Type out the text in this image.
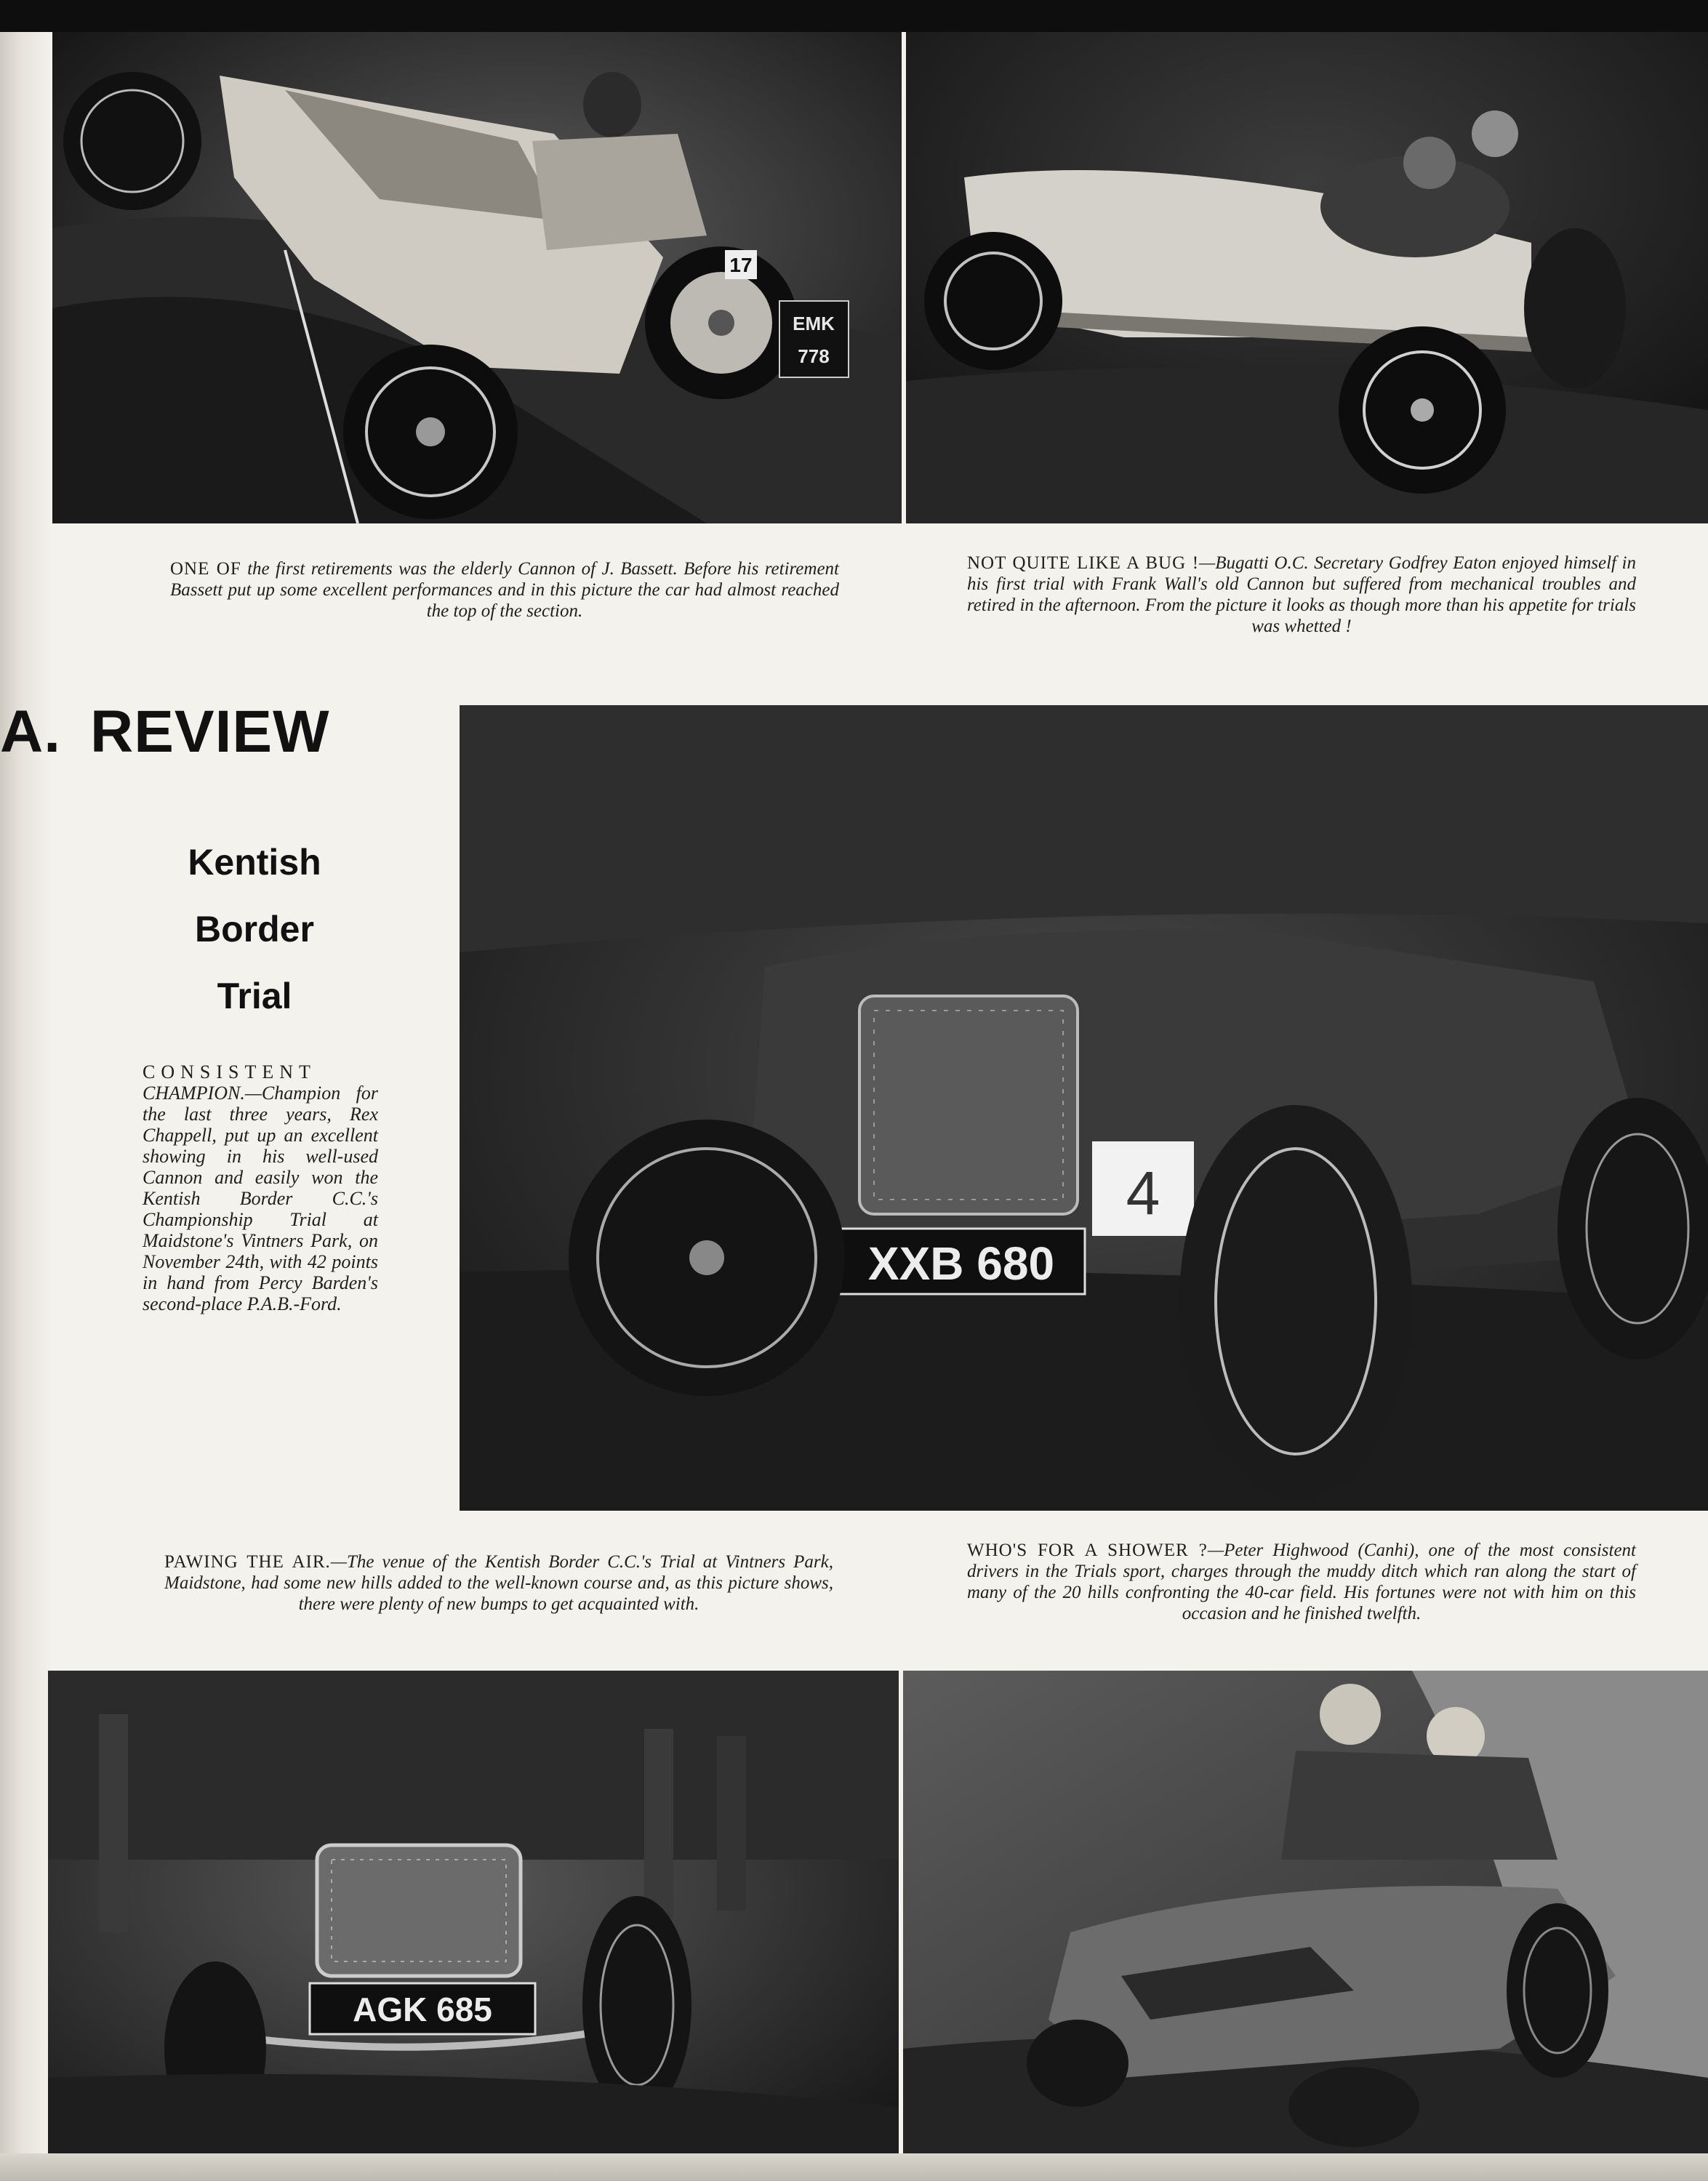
17
EMK
778
ONE OF the first retirements was the elderly Cannon of J. Bassett. Before his retirement Bassett put up some excellent performances and in this picture the car had almost reached the top of the section.
NOT QUITE LIKE A BUG !—Bugatti O.C. Secretary Godfrey Eaton enjoyed himself in his first trial with Frank Wall's old Cannon but suffered from mechanical troubles and retired in the afternoon. From the picture it looks as though more than his appetite for trials was whetted !
A. REVIEW
Kentish
Border
Trial
CONSISTENT CHAMPION.—Champion for the last three years, Rex Chappell, put up an excellent showing in his well-used Cannon and easily won the Kentish Border C.C.'s Championship Trial at Maidstone's Vintners Park, on November 24th, with 42 points in hand from Percy Barden's second-place P.A.B.-Ford.
XXB 680
4
PAWING THE AIR.—The venue of the Kentish Border C.C.'s Trial at Vintners Park, Maidstone, had some new hills added to the well-known course and, as this picture shows, there were plenty of new bumps to get acquainted with.
WHO'S FOR A SHOWER ?—Peter Highwood (Canhi), one of the most consistent drivers in the Trials sport, charges through the muddy ditch which ran along the start of many of the 20 hills confronting the 40-car field. His fortunes were not with him on this occasion and he finished twelfth.
AGK 685
